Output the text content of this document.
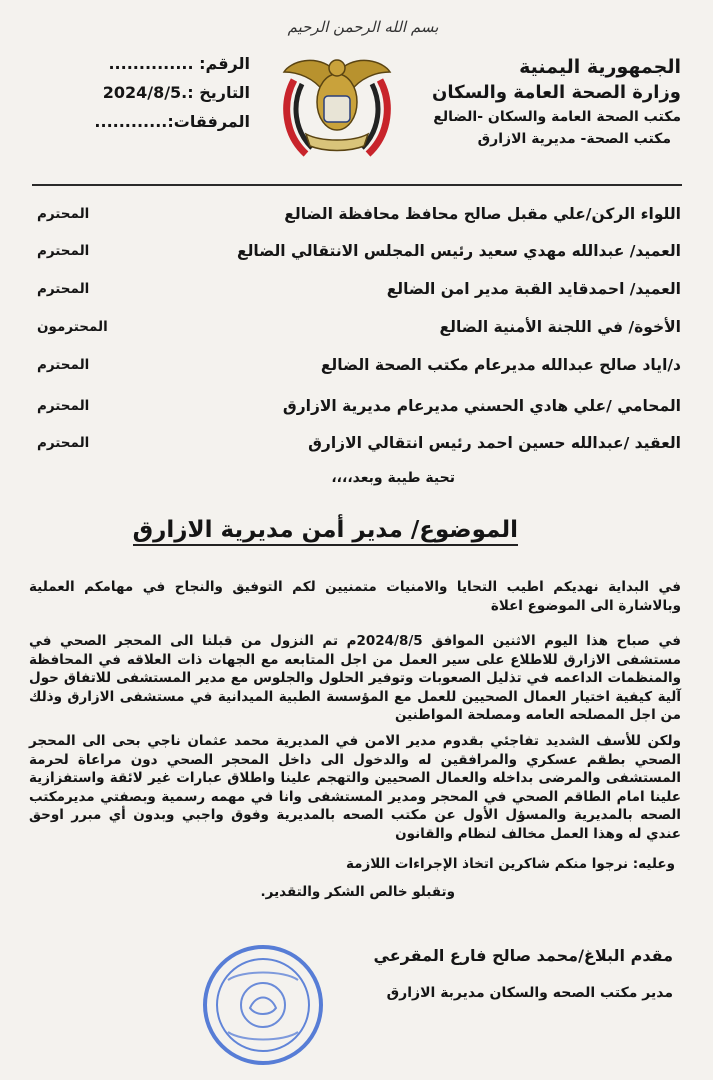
الجمهورية اليمنية
وزارة الصحة العامة والسكان
مكتب الصحة العامة والسكان -الضالع
مكتب الصحة- مديرية الازارق
بسم الله الرحمن الرحيم
الرقم: ..............
التاريخ :.2024/8/5
المرفقات:............
اللواء الركن/علي مقبل صالح محافظ محافظة الضالع
المحترم
العميد/ عبدالله مهدي سعيد رئيس المجلس الانتقالي الضالع
المحترم
العميد/ احمدقايد القبة مدير امن الضالع
المحترم
الأخوة/ في اللجنة الأمنية الضالع
المحترمون
د/اياد صالح عبدالله مديرعام مكتب الصحة الضالع
المحترم
المحامي /علي هادي الحسني مديرعام مديرية الازارق
المحترم
العقيد /عبدالله حسين احمد رئيس انتقالي الازارق
المحترم
تحية طيبة وبعد،،،،
الموضوع/ مدير أمن مديرية الازارق
في البداية نهديكم اطيب التحايا والامنيات متمنيين لكم التوفيق والنجاح في مهامكم العملية وبالاشارة الى الموضوع اعلاة
في صباح هذا اليوم الاثنين الموافق 2024/8/5م تم النزول من قبلنا الى المحجر الصحي في مستشفى الازارق للاطلاع على سير العمل من اجل المتابعه مع الجهات ذات العلاقه في المحافظة والمنظمات الداعمه في تذليل الصعوبات وتوفير الحلول والجلوس مع مدير المستشفى للاتفاق حول آلية كيفية اختيار العمال الصحيين للعمل مع المؤسسة الطبية الميدانية في مستشفى الازارق وذلك من اجل المصلحه العامه ومصلحة المواطنين
ولكن للأسف الشديد تفاجئي بقدوم مدير الامن في المديرية محمد عثمان ناجي بحى الى المحجر الصحي بطقم عسكري والمرافقين له والدخول الى داخل المحجر الصحي دون مراعاة لحرمة المستشفى والمرضى بداخله والعمال الصحيين والتهجم علينا واطلاق عبارات غير لائقة واستفزازية علينا امام الطاقم الصحي في المحجر ومدير المستشفى وانا في مهمه رسمية وبصفتي مديرمكتب الصحه بالمديرية والمسؤل الأول عن مكتب الصحه بالمديرية وفوق واجبي وبدون أي مبرر اوحق عندي له وهذا العمل مخالف لنظام والقانون
وعليه: نرجوا منكم شاكرين اتخاذ الإجراءات اللازمة
وتقبلو خالص الشكر والتقدير.
مقدم البلاغ/محمد صالح فارع المقرعي
مدير مكتب الصحه والسكان مديربة الازارق
